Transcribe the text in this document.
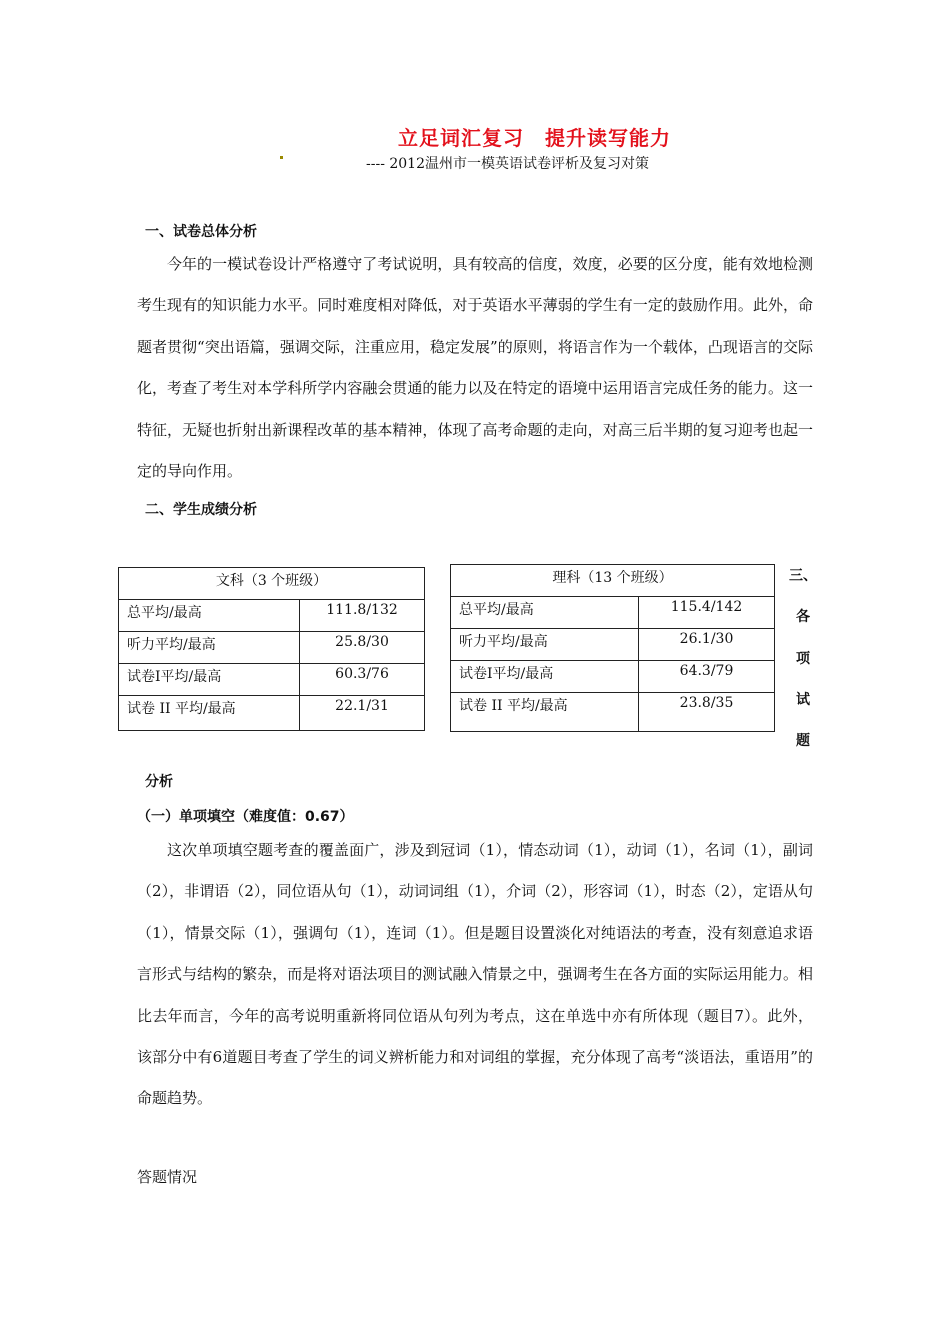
立足词汇复习　提升读写能力
---- 2012温州市一模英语试卷评析及复习对策
一、试卷总体分析

今年的一模试卷设计严格遵守了考试说明，具有较高的信度，效度，必要的区分度，能有效地检测考生现有的知识能力水平。同时难度相对降低，对于英语水平薄弱的学生有一定的鼓励作用。此外，命题者贯彻“突出语篇，强调交际，注重应用，稳定发展”的原则，将语言作为一个载体，凸现语言的交际化，考查了考生对本学科所学内容融会贯通的能力以及在特定的语境中运用语言完成任务的能力。这一特征，无疑也折射出新课程改革的基本精神，体现了高考命题的走向，对高三后半期的复习迎考也起一定的导向作用。

二、学生成绩分析
文科（3 个班级）	
总平均/最高	111.8/132
听力平均/最高	25.8/30
试卷I平均/最高	60.3/76
试卷 II 平均/最高	22.1/31
理科（13 个班级）	
总平均/最高	115.4/142
听力平均/最高	26.1/30
试卷I平均/最高	64.3/79
试卷 II 平均/最高	23.8/35
三、
各
项
试
题
分析
（一）单项填空（难度值：0.67）

这次单项填空题考查的覆盖面广，涉及到冠词（1），情态动词（1），动词（1），名词（1），副词（2），非谓语（2），同位语从句（1），动词词组（1），介词（2），形容词（1），时态（2），定语从句（1），情景交际（1），强调句（1），连词（1）。但是题目设置淡化对纯语法的考查，没有刻意追求语言形式与结构的繁杂，而是将对语法项目的测试融入情景之中，强调考生在各方面的实际运用能力。相比去年而言，今年的高考说明重新将同位语从句列为考点，这在单选中亦有所体现（题目7）。此外，该部分中有6道题目考查了学生的词义辨析能力和对词组的掌握，充分体现了高考“淡语法，重语用”的命题趋势。

答题情况
